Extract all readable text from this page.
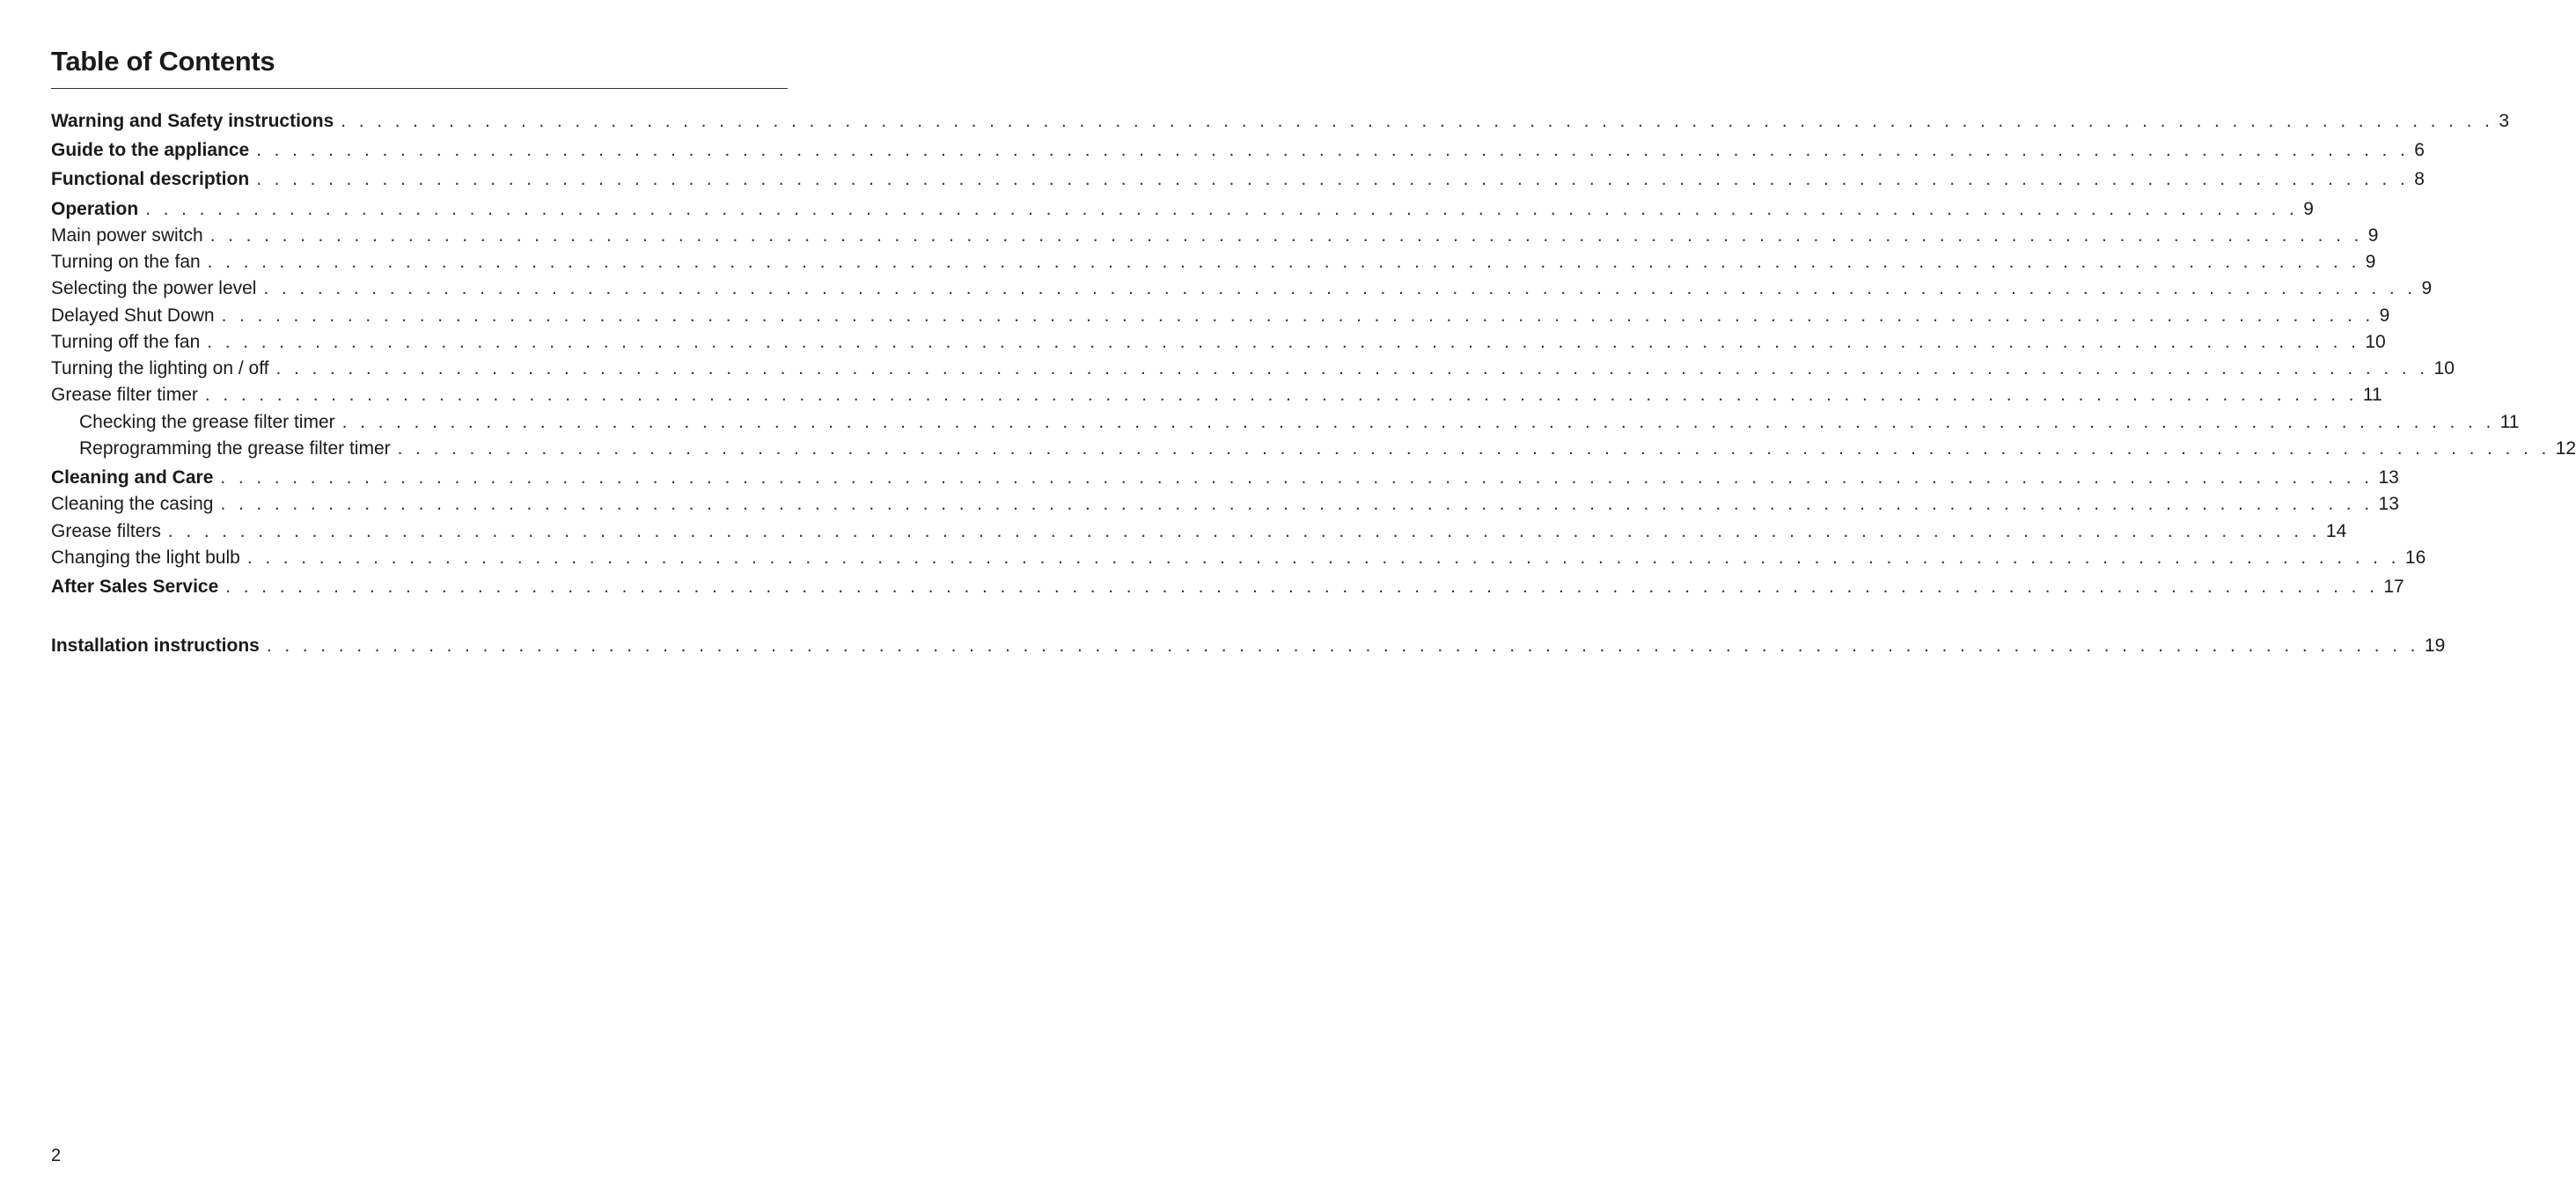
Table of Contents
Warning and Safety instructions . . . . . . . . . . . . . . . . . . . . . . . . . . . . . . . . . . . . . . . . . . . . . . . . . . . . . . . . . . . . . . . . . . . . . . . . . . . . . . . . . . . . . . . . . . . . . . . . . . . . . . . . . . . . . . . . . . . . . . . . 3
Guide to the appliance . . . . . . . . . . . . . . . . . . . . . . . . . . . . . . . . . . . . . . . . . . . . . . . . . . . . . . . . . . . . . . . . . . . . . . . . . . . . . . . . . . . . . . . . . . . . . . . . . . . . . . . . . . . . . . . . . . . . . . . . 6
Functional description . . . . . . . . . . . . . . . . . . . . . . . . . . . . . . . . . . . . . . . . . . . . . . . . . . . . . . . . . . . . . . . . . . . . . . . . . . . . . . . . . . . . . . . . . . . . . . . . . . . . . . . . . . . . . . . . . . . . . . . . 8
Operation . . . . . . . . . . . . . . . . . . . . . . . . . . . . . . . . . . . . . . . . . . . . . . . . . . . . . . . . . . . . . . . . . . . . . . . . . . . . . . . . . . . . . . . . . . . . . . . . . . . . . . . . . . . . . . . . . . . . . . . . 9
Main power switch . . . . . . . . . . . . . . . . . . . . . . . . . . . . . . . . . . . . . . . . . . . . . . . . . . . . . . . . . . . . . . . . . . . . . . . . . . . . . . . . . . . . . . . . . . . . . . . . . . . . . . . . . . . . . . . . . . . . . . . . 9
Turning on the fan . . . . . . . . . . . . . . . . . . . . . . . . . . . . . . . . . . . . . . . . . . . . . . . . . . . . . . . . . . . . . . . . . . . . . . . . . . . . . . . . . . . . . . . . . . . . . . . . . . . . . . . . . . . . . . . . . . . . . . . . 9
Selecting the power level . . . . . . . . . . . . . . . . . . . . . . . . . . . . . . . . . . . . . . . . . . . . . . . . . . . . . . . . . . . . . . . . . . . . . . . . . . . . . . . . . . . . . . . . . . . . . . . . . . . . . . . . . . . . . . . . . . . . . . . . 9
Delayed Shut Down . . . . . . . . . . . . . . . . . . . . . . . . . . . . . . . . . . . . . . . . . . . . . . . . . . . . . . . . . . . . . . . . . . . . . . . . . . . . . . . . . . . . . . . . . . . . . . . . . . . . . . . . . . . . . . . . . . . . . . . . 9
Turning off the fan . . . . . . . . . . . . . . . . . . . . . . . . . . . . . . . . . . . . . . . . . . . . . . . . . . . . . . . . . . . . . . . . . . . . . . . . . . . . . . . . . . . . . . . . . . . . . . . . . . . . . . . . . . . . . . . . . . . . . . . . 10
Turning the lighting on / off . . . . . . . . . . . . . . . . . . . . . . . . . . . . . . . . . . . . . . . . . . . . . . . . . . . . . . . . . . . . . . . . . . . . . . . . . . . . . . . . . . . . . . . . . . . . . . . . . . . . . . . . . . . . . . . . . . . . . . . . 10
Grease filter timer . . . . . . . . . . . . . . . . . . . . . . . . . . . . . . . . . . . . . . . . . . . . . . . . . . . . . . . . . . . . . . . . . . . . . . . . . . . . . . . . . . . . . . . . . . . . . . . . . . . . . . . . . . . . . . . . . . . . . . . . 11
Checking the grease filter timer . . . . . . . . . . . . . . . . . . . . . . . . . . . . . . . . . . . . . . . . . . . . . . . . . . . . . . . . . . . . . . . . . . . . . . . . . . . . . . . . . . . . . . . . . . . . . . . . . . . . . . . . . . . . . . . . . . . . . . . . 11
Reprogramming the grease filter timer . . . . . . . . . . . . . . . . . . . . . . . . . . . . . . . . . . . . . . . . . . . . . . . . . . . . . . . . . . . . . . . . . . . . . . . . . . . . . . . . . . . . . . . . . . . . . . . . . . . . . . . . . . . . . . . . . . . . . . . . 12
Cleaning and Care . . . . . . . . . . . . . . . . . . . . . . . . . . . . . . . . . . . . . . . . . . . . . . . . . . . . . . . . . . . . . . . . . . . . . . . . . . . . . . . . . . . . . . . . . . . . . . . . . . . . . . . . . . . . . . . . . . . . . . . . 13
Cleaning the casing . . . . . . . . . . . . . . . . . . . . . . . . . . . . . . . . . . . . . . . . . . . . . . . . . . . . . . . . . . . . . . . . . . . . . . . . . . . . . . . . . . . . . . . . . . . . . . . . . . . . . . . . . . . . . . . . . . . . . . . . 13
Grease filters . . . . . . . . . . . . . . . . . . . . . . . . . . . . . . . . . . . . . . . . . . . . . . . . . . . . . . . . . . . . . . . . . . . . . . . . . . . . . . . . . . . . . . . . . . . . . . . . . . . . . . . . . . . . . . . . . . . . . . . . 14
Changing the light bulb . . . . . . . . . . . . . . . . . . . . . . . . . . . . . . . . . . . . . . . . . . . . . . . . . . . . . . . . . . . . . . . . . . . . . . . . . . . . . . . . . . . . . . . . . . . . . . . . . . . . . . . . . . . . . . . . . . . . . . . . 16
After Sales Service . . . . . . . . . . . . . . . . . . . . . . . . . . . . . . . . . . . . . . . . . . . . . . . . . . . . . . . . . . . . . . . . . . . . . . . . . . . . . . . . . . . . . . . . . . . . . . . . . . . . . . . . . . . . . . . . . . . . . . . . 17
Installation instructions . . . . . . . . . . . . . . . . . . . . . . . . . . . . . . . . . . . . . . . . . . . . . . . . . . . . . . . . . . . . . . . . . . . . . . . . . . . . . . . . . . . . . . . . . . . . . . . . . . . . . . . . . . . . . . . . . . . . . . . . 19
2
